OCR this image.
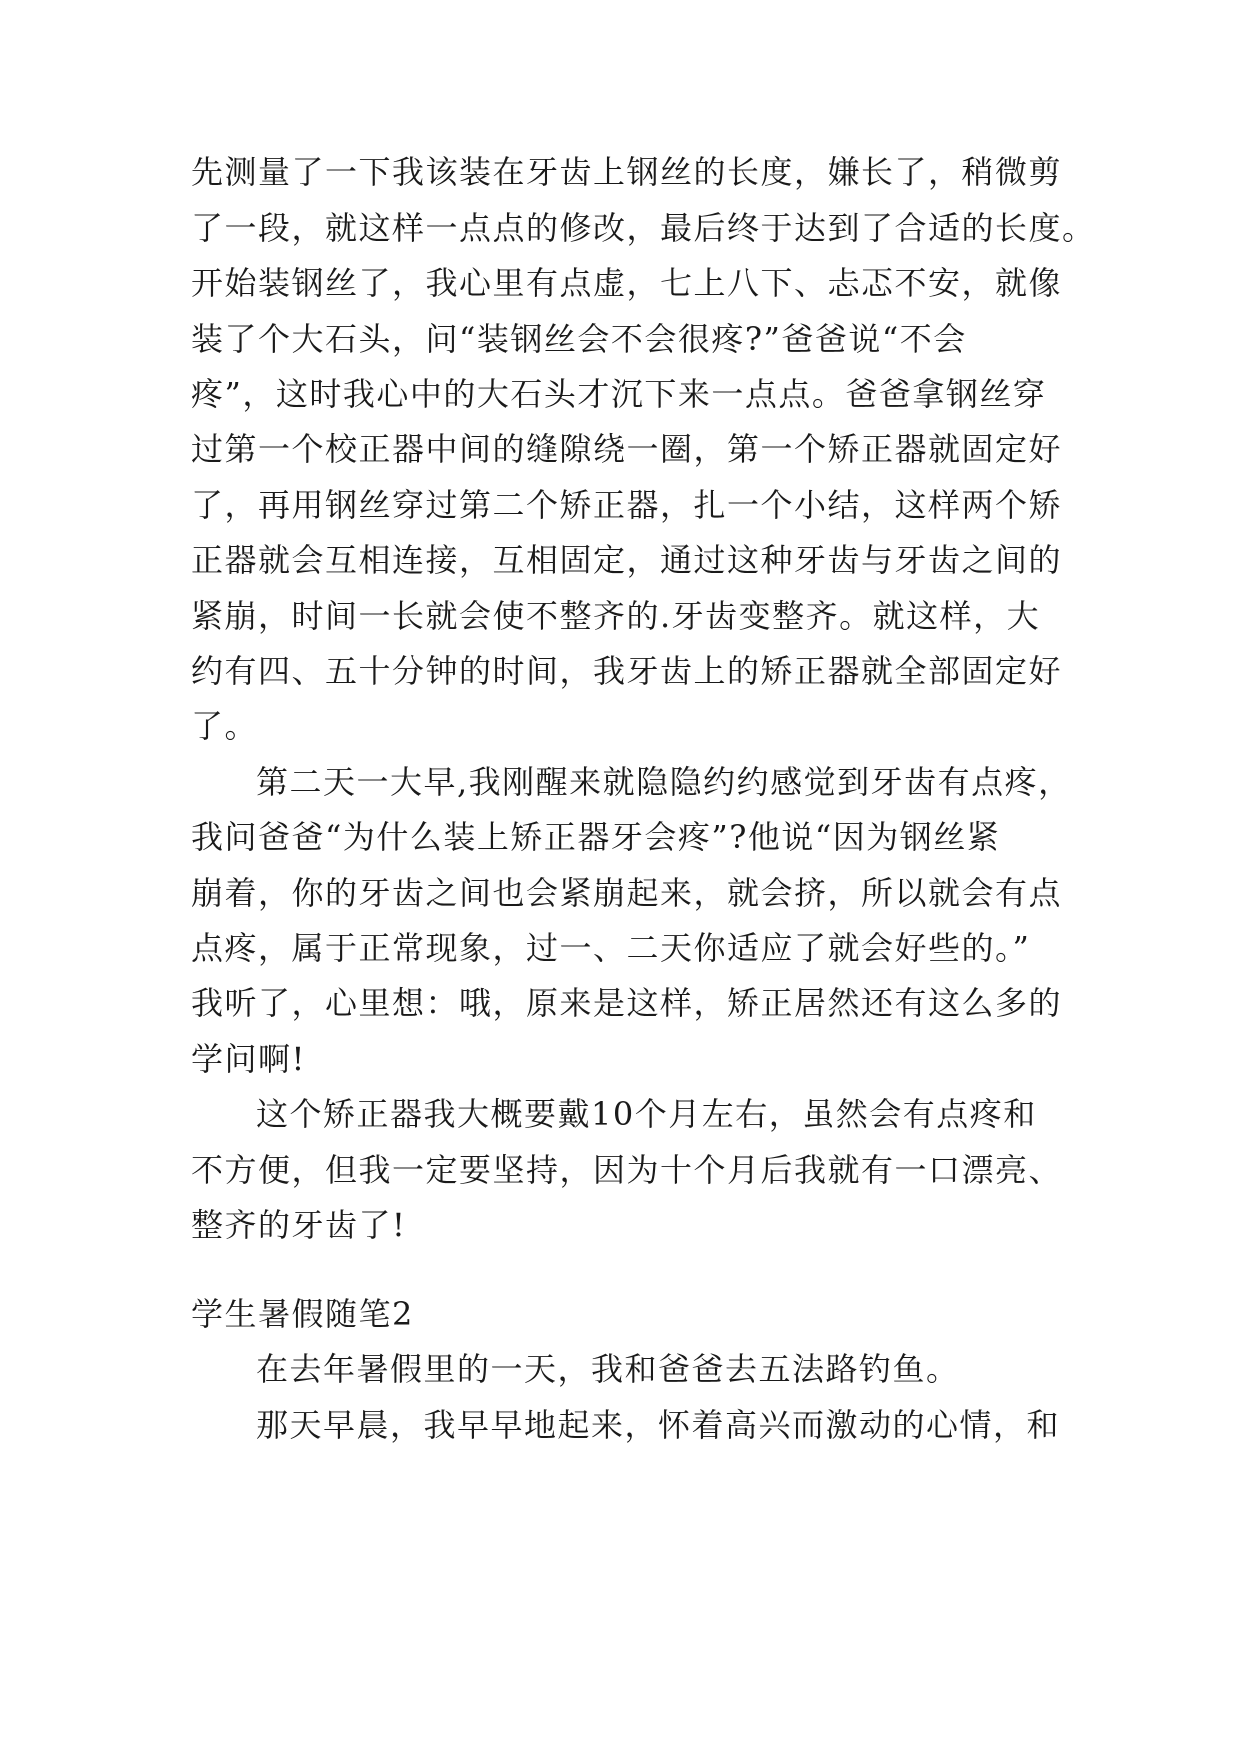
先测量了一下我该装在牙齿上钢丝的长度，嫌长了，稍微剪
了一段，就这样一点点的修改，最后终于达到了合适的长度。
开始装钢丝了，我心里有点虚，七上八下、忐忑不安，就像
装了个大石头，问“装钢丝会不会很疼?”爸爸说“不会
疼”，这时我心中的大石头才沉下来一点点。爸爸拿钢丝穿
过第一个校正器中间的缝隙绕一圈，第一个矫正器就固定好
了，再用钢丝穿过第二个矫正器，扎一个小结，这样两个矫
正器就会互相连接，互相固定，通过这种牙齿与牙齿之间的
紧崩，时间一长就会使不整齐的.牙齿变整齐。就这样，大
约有四、五十分钟的时间，我牙齿上的矫正器就全部固定好
了。
第二天一大早,我刚醒来就隐隐约约感觉到牙齿有点疼，
我问爸爸“为什么装上矫正器牙会疼”?他说“因为钢丝紧
崩着，你的牙齿之间也会紧崩起来，就会挤，所以就会有点
点疼，属于正常现象，过一、二天你适应了就会好些的。”
我听了，心里想：哦，原来是这样，矫正居然还有这么多的
学问啊!
这个矫正器我大概要戴10个月左右，虽然会有点疼和
不方便，但我一定要坚持，因为十个月后我就有一口漂亮、
整齐的牙齿了!
学生暑假随笔2
在去年暑假里的一天，我和爸爸去五法路钓鱼。
那天早晨，我早早地起来，怀着高兴而激动的心情，和
